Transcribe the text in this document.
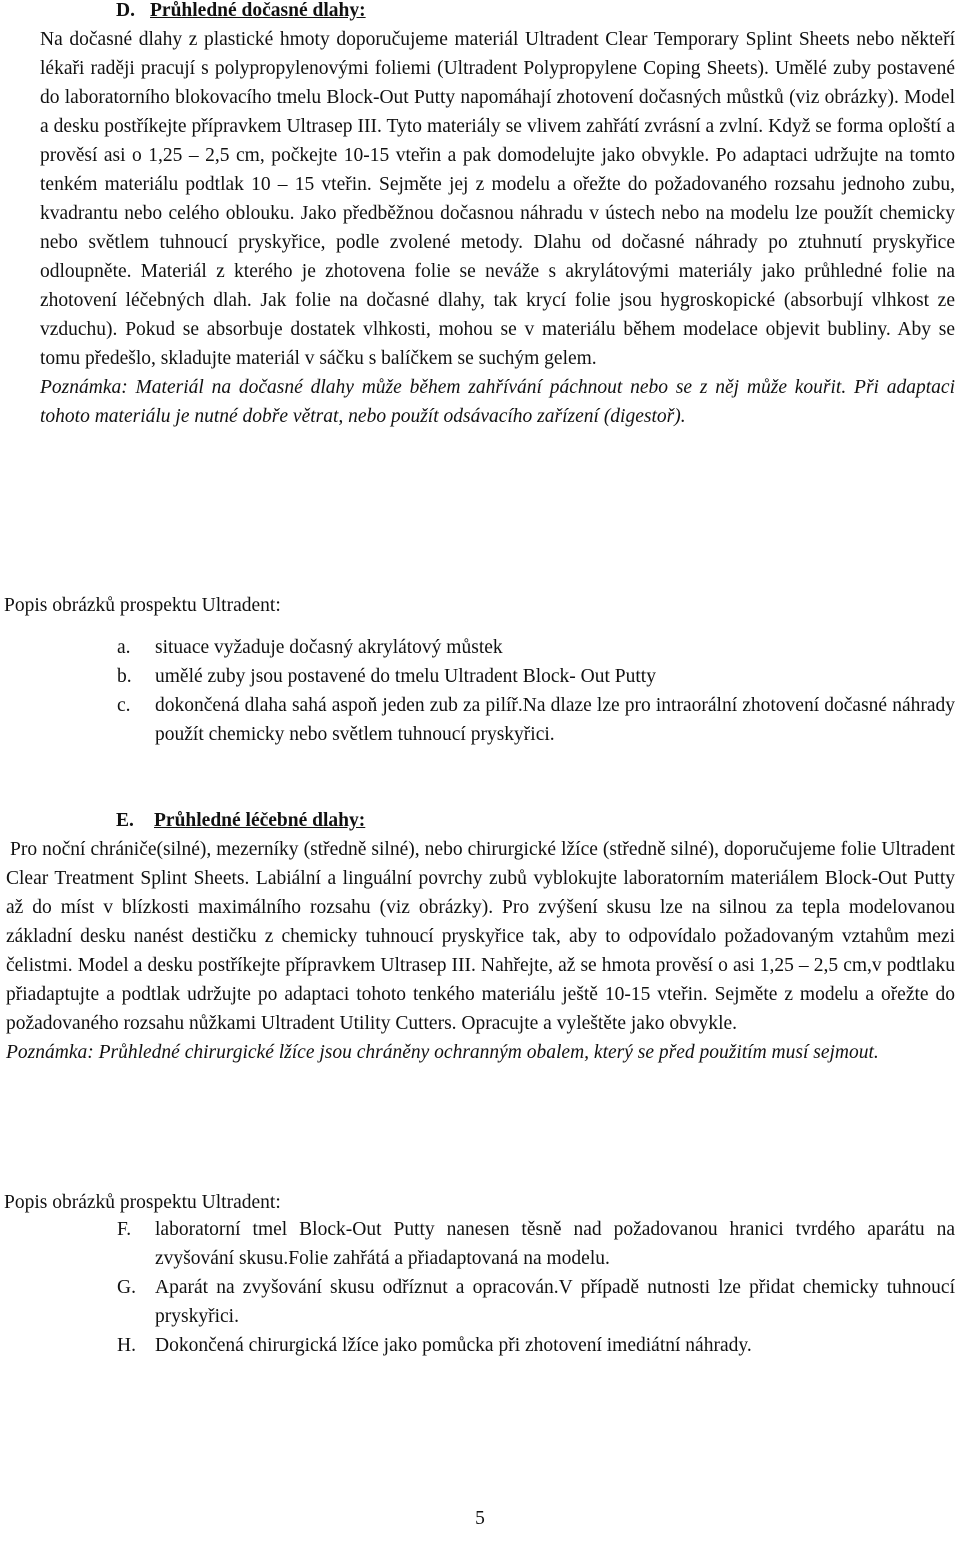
D. Průhledné dočasné dlahy:

Na dočasné dlahy z plastické hmoty doporučujeme materiál Ultradent Clear Temporary Splint Sheets nebo někteří lékaři raději pracují s polypropylenovými foliemi (Ultradent Polypropylene Coping Sheets). Umělé zuby postavené do laboratorního blokovacího tmelu Block-Out Putty napomáhají zhotovení dočasných můstků (viz obrázky). Model a desku postříkejte přípravkem Ultrasep III. Tyto materiály se vlivem zahřátí zvrásní a zvlní. Když se forma oploští a prověsí asi o 1,25 – 2,5 cm, počkejte 10-15 vteřin a pak domodelujte jako obvykle. Po adaptaci udržujte na tomto tenkém materiálu podtlak 10 – 15 vteřin. Sejměte jej z modelu a ořežte do požadovaného rozsahu jednoho zubu, kvadrantu nebo celého oblouku. Jako předběžnou dočasnou náhradu v ústech nebo na modelu lze použít chemicky nebo světlem tuhnoucí pryskyřice, podle zvolené metody. Dlahu od dočasné náhrady po ztuhnutí pryskyřice odloupněte. Materiál z kterého je zhotovena folie se neváže s akrylátovými materiály jako průhledné folie na zhotovení léčebných dlah. Jak folie na dočasné dlahy, tak krycí folie jsou hygroskopické (absorbují vlhkost ze vzduchu). Pokud se absorbuje dostatek vlhkosti, mohou se v materiálu během modelace objevit bubliny. Aby se tomu předešlo, skladujte materiál v sáčku s balíčkem se suchým gelem.

Poznámka: Materiál na dočasné dlahy může během zahřívání páchnout nebo se z něj může kouřit. Při adaptaci tohoto materiálu je nutné dobře větrat, nebo použít odsávacího zařízení (digestoř).

Popis obrázků prospektu Ultradent:

a. situace vyžaduje dočasný akrylátový můstek
b. umělé zuby jsou postavené do tmelu Ultradent Block- Out Putty
c. dokončená dlaha sahá aspoň jeden zub za pilíř.Na dlaze lze pro intraorální zhotovení dočasné náhrady použít chemicky nebo světlem tuhnoucí pryskyřici.
E. Průhledné léčebné dlahy:

Pro noční chrániče(silné), mezerníky (středně silné), nebo chirurgické lžíce (středně silné), doporučujeme folie Ultradent Clear Treatment Splint Sheets. Labiální a linguální povrchy zubů vyblokujte laboratorním materiálem Block-Out Putty až do míst v blízkosti maximálního rozsahu (viz obrázky). Pro zvýšení skusu lze na silnou za tepla modelovanou základní desku nanést destičku z chemicky tuhnoucí pryskyřice tak, aby to odpovídalo požadovaným vztahům mezi čelistmi. Model a desku postříkejte přípravkem Ultrasep III. Nahřejte, až se hmota prověsí o asi 1,25 – 2,5 cm,v podtlaku přiadaptujte a podtlak udržujte po adaptaci tohoto tenkého materiálu ještě 10-15 vteřin. Sejměte z modelu a ořežte do požadovaného rozsahu nůžkami Ultradent Utility Cutters. Opracujte a vyleštěte jako obvykle.

Poznámka: Průhledné chirurgické lžíce jsou chráněny ochranným obalem, který se před použitím musí sejmout.

Popis obrázků prospektu Ultradent:

F. laboratorní tmel Block-Out Putty nanesen těsně nad požadovanou hranici tvrdého aparátu na zvyšování skusu.Folie zahřátá a přiadaptovaná na modelu.
G. Aparát na zvyšování skusu odříznut a opracován.V případě nutnosti lze přidat chemicky tuhnoucí pryskyřici.
H. Dokončená chirurgická lžíce jako pomůcka při zhotovení imediátní náhrady.
5
